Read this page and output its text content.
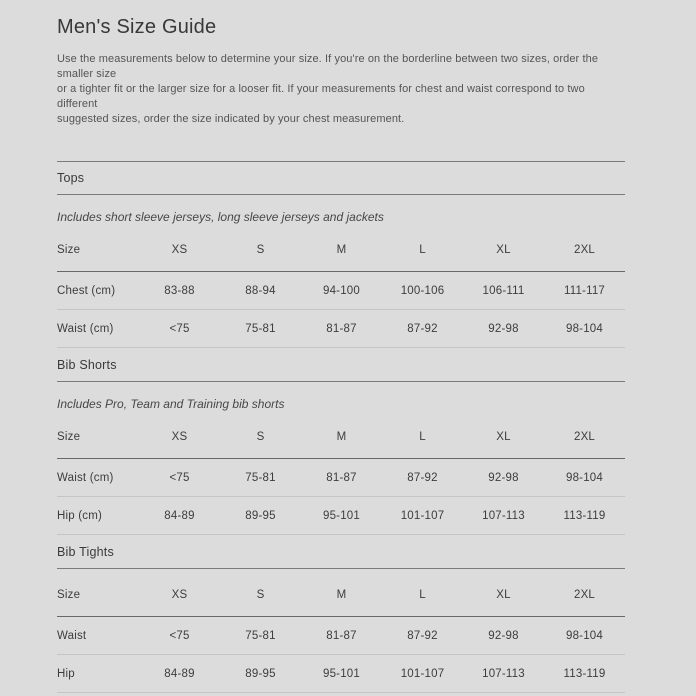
Men's Size Guide
Use the measurements below to determine your size. If you're on the borderline between two sizes, order the smaller size
or a tighter fit or the larger size for a looser fit. If your measurements for chest and waist correspond to two different
suggested sizes, order the size indicated by your chest measurement.
Tops

Includes short sleeve jerseys, long sleeve jerseys and jackets

Size	XS	S	M	L	XL	2XL
Chest (cm)	83-88	88-94	94-100	100-106	106-111	111-117
Waist (cm)	<75	75-81	81-87	87-92	92-98	98-104
Bib Shorts

Includes Pro, Team and Training bib shorts

Size	XS	S	M	L	XL	2XL
Waist (cm)	<75	75-81	81-87	87-92	92-98	98-104
Hip (cm)	84-89	89-95	95-101	101-107	107-113	113-119
Bib Tights
Size	XS	S	M	L	XL	2XL
Waist	<75	75-81	81-87	87-92	92-98	98-104
Hip	84-89	89-95	95-101	101-107	107-113	113-119
